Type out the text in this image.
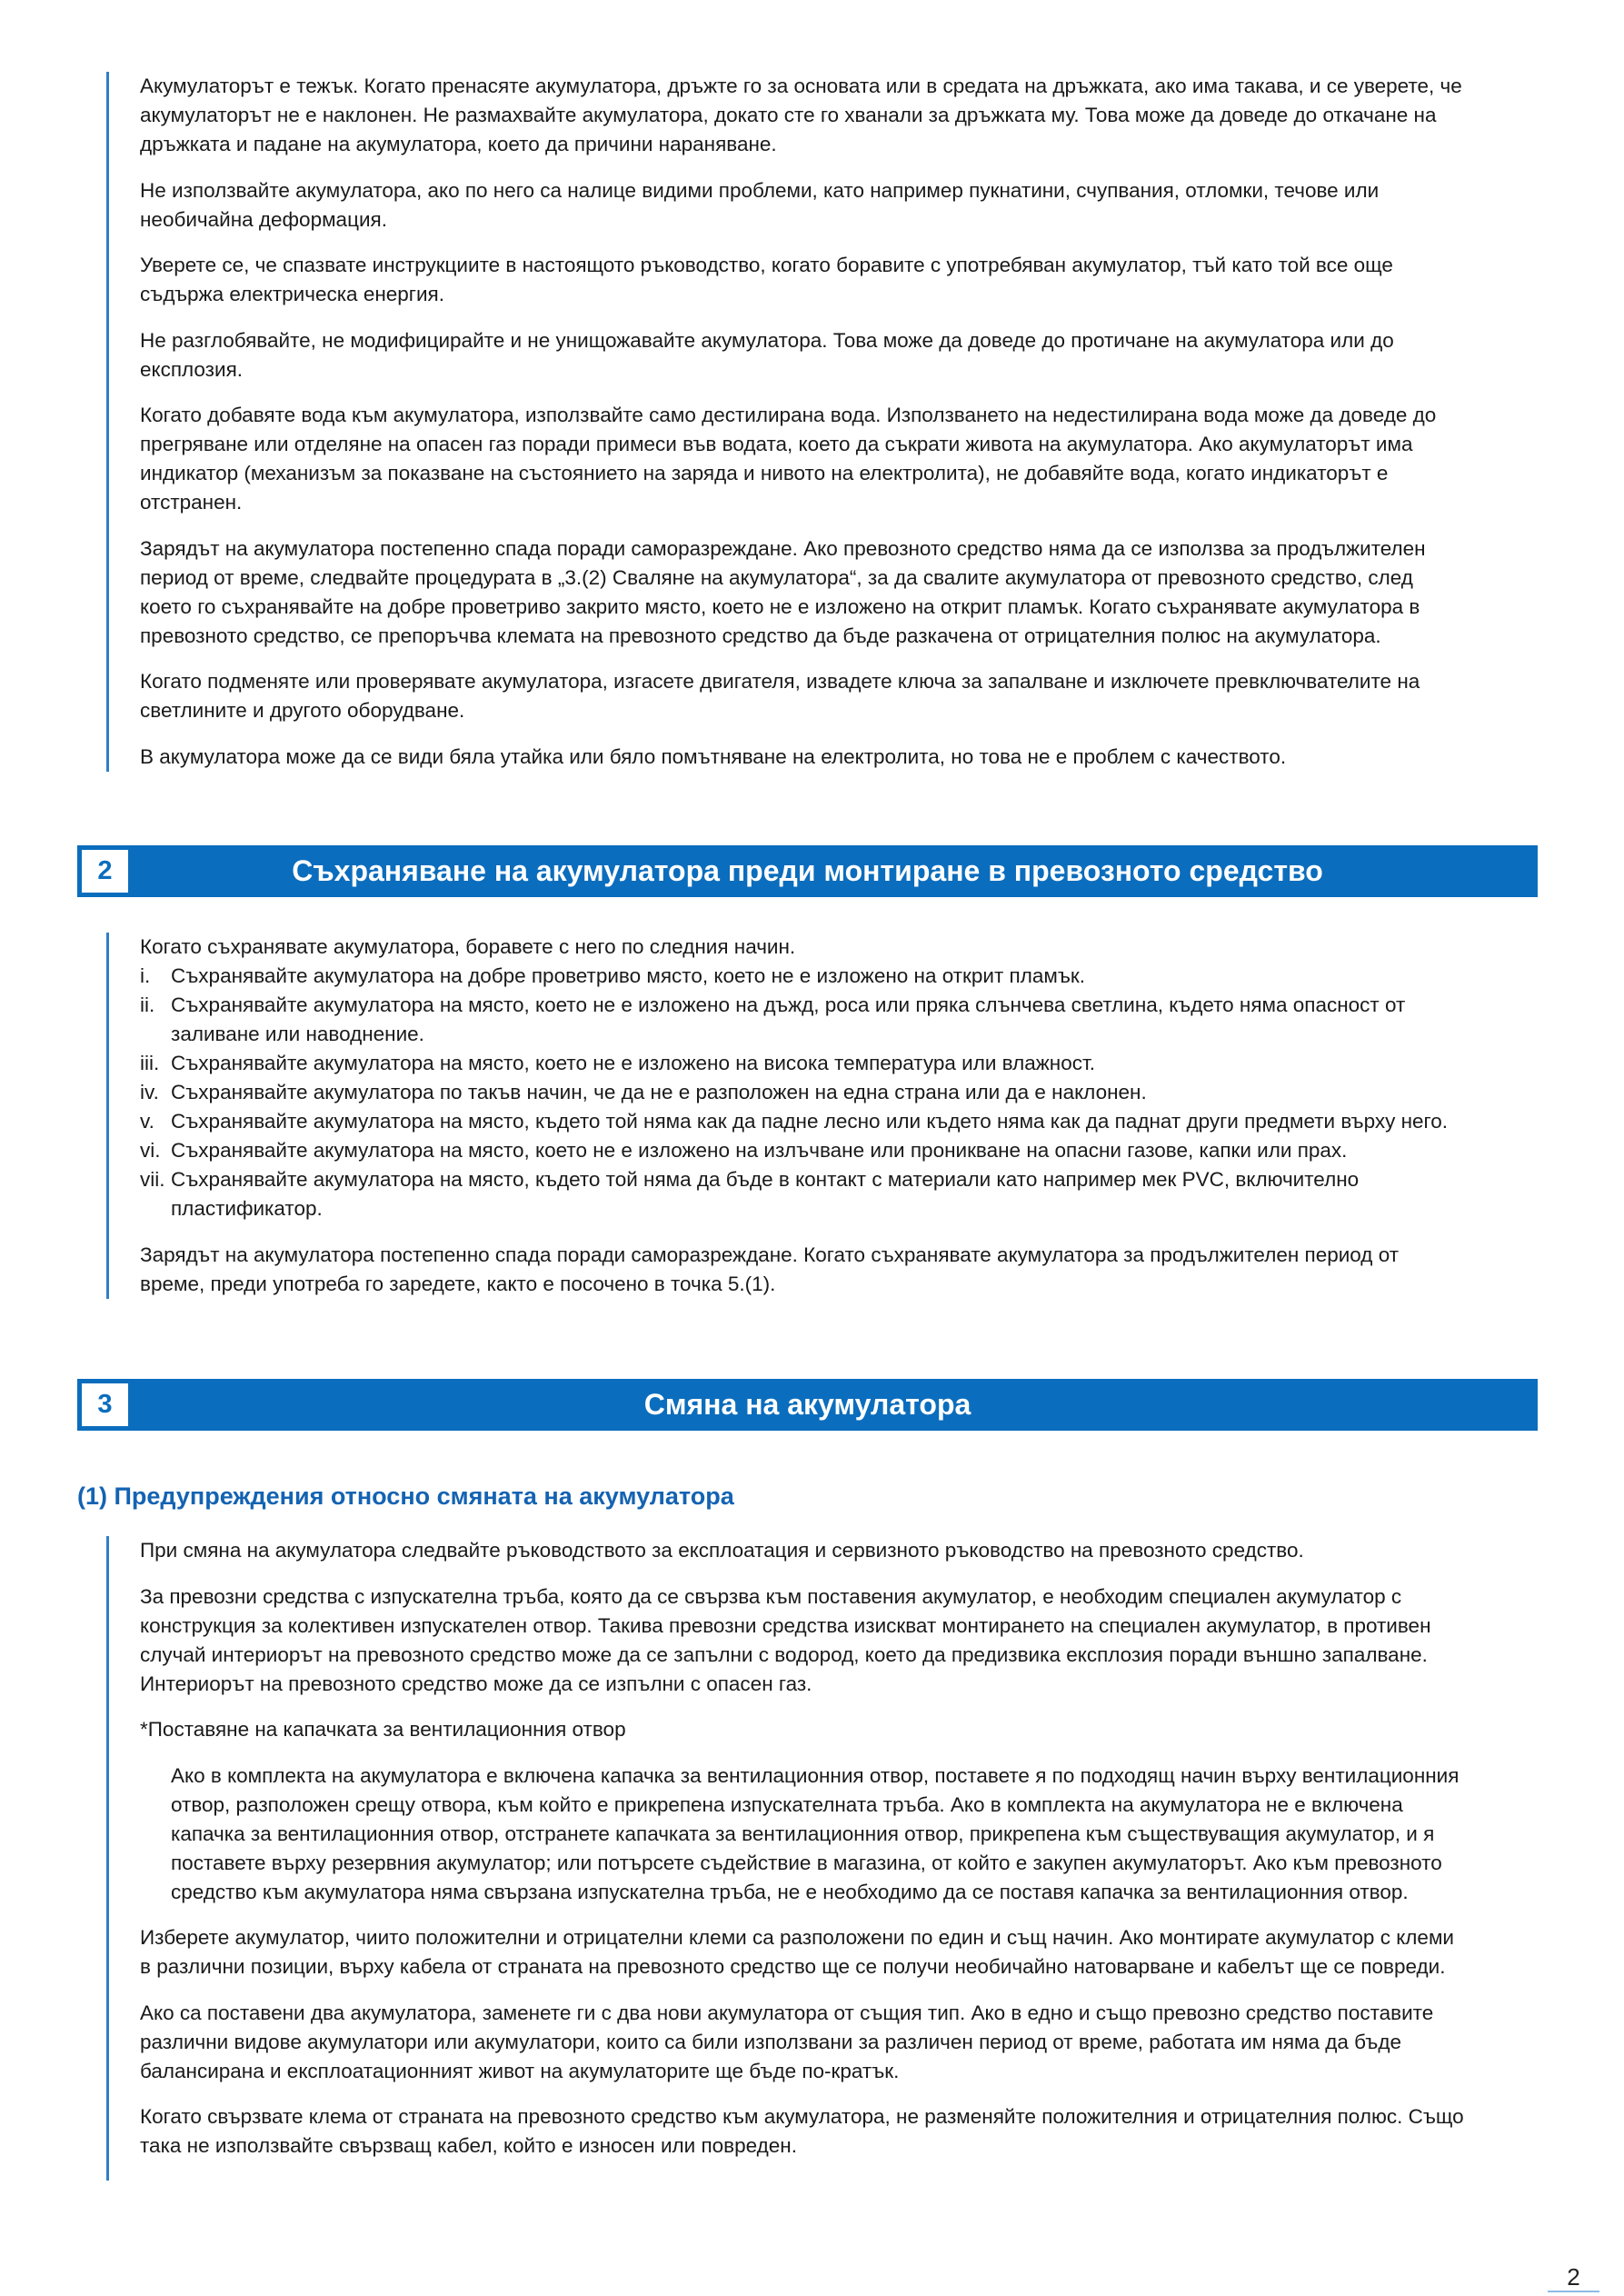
Акумулаторът е тежък. Когато пренасяте акумулатора, дръжте го за основата или в средата на дръжката, ако има такава, и се уверете, че
акумулаторът не е наклонен. Не размахвайте акумулатора, докато сте го хванали за дръжката му. Това може да доведе до откачане на
дръжката и падане на акумулатора, което да причини нараняване.

Не използвайте акумулатора, ако по него са налице видими проблеми, като например пукнатини, счупвания, отломки, течове или
необичайна деформация.

Уверете се, че спазвате инструкциите в настоящото ръководство, когато боравите с употребяван акумулатор, тъй като той все още
съдържа електрическа енергия.

Не разглобявайте, не модифицирайте и не унищожавайте акумулатора. Това може да доведе до протичане на акумулатора или до
експлозия.

Когато добавяте вода към акумулатора, използвайте само дестилирана вода. Използването на недестилирана вода може да доведе до
прегряване или отделяне на опасен газ поради примеси във водата, което да съкрати живота на акумулатора. Ако акумулаторът има
индикатор (механизъм за показване на състоянието на заряда и нивото на електролита), не добавяйте вода, когато индикаторът е
отстранен.

Зарядът на акумулатора постепенно спада поради саморазреждане. Ако превозното средство няма да се използва за продължителен
период от време, следвайте процедурата в „3.(2) Сваляне на акумулатора“, за да свалите акумулатора от превозното средство, след
което го съхранявайте на добре проветриво закрито място, което не е изложено на открит пламък. Когато съхранявате акумулатора в
превозното средство, се препоръчва клемата на превозното средство да бъде разкачена от отрицателния полюс на акумулатора.

Когато подменяте или проверявате акумулатора, изгасете двигателя, извадете ключа за запалване и изключете превключвателите на
светлините и другото оборудване.

В акумулатора може да се види бяла утайка или бяло помътняване на електролита, но това не е проблем с качеството.

2	Съхраняване на акумулатора преди монтиране в превозното средство

Когато съхранявате акумулатора, боравете с него по следния начин.

i.	Съхранявайте акумулатора на добре проветриво място, което не е изложено на открит пламък.
ii. Съхранявайте акумулатора на място, което не е изложено на дъжд, роса или пряка слънчева светлина, където няма опасност от
заливане или наводнение.
iii. Съхранявайте акумулатора на място, което не е изложено на висока температура или влажност.
iv. Съхранявайте акумулатора по такъв начин, че да не е разположен на една страна или да е наклонен.
v. Съхранявайте акумулатора на място, където той няма как да падне лесно или където няма как да паднат други предмети върху него.
vi. Съхранявайте акумулатора на място, което не е изложено на излъчване или проникване на опасни газове, капки или прах.
vii. Съхранявайте акумулатора на място, където той няма да бъде в контакт с материали като например мек PVC, включително
пластификатор.

Зарядът на акумулатора постепенно спада поради саморазреждане. Когато съхранявате акумулатора за продължителен период от
време, преди употреба го заредете, както е посочено в точка 5.(1).

3	Смяна на акумулатора
(1) Предупреждения относно смяната на акумулатора

При смяна на акумулатора следвайте ръководството за експлоатация и сервизното ръководство на превозното средство.

За превозни средства с изпускателна тръба, която да се свързва към поставения акумулатор, е необходим специален акумулатор с
конструкция за колективен изпускателен отвор. Такива превозни средства изискват монтирането на специален акумулатор, в противен
случай интериорът на превозното средство може да се запълни с водород, което да предизвика експлозия поради външно запалване.
Интериорът на превозното средство може да се изпълни с опасен газ.

*Поставяне на капачката за вентилационния отвор

Ако в комплекта на акумулатора е включена капачка за вентилационния отвор, поставете я по подходящ начин върху вентилационния
отвор, разположен срещу отвора, към който е прикрепена изпускателната тръба. Ако в комплекта на акумулатора не е включена
капачка за вентилационния отвор, отстранете капачката за вентилационния отвор, прикрепена към съществуващия акумулатор, и я
поставете върху резервния акумулатор; или потърсете съдействие в магазина, от който е закупен акумулаторът. Ако към превозното
средство към акумулатора няма свързана изпускателна тръба, не е необходимо да се поставя капачка за вентилационния отвор.

Изберете акумулатор, чиито положителни и отрицателни клеми са разположени по един и същ начин. Ако монтирате акумулатор с клеми
в различни позиции, върху кабела от страната на превозното средство ще се получи необичайно натоварване и кабелът ще се повреди.

Ако са поставени два акумулатора, заменете ги с два нови акумулатора от същия тип. Ако в едно и също превозно средство поставите
различни видове акумулатори или акумулатори, които са били използвани за различен период от време, работата им няма да бъде
балансирана и експлоатационният живот на акумулаторите ще бъде по-кратък.

Когато свързвате клема от страната на превозното средство към акумулатора, не разменяйте положителния и отрицателния полюс. Също
така не използвайте свързващ кабел, който е износен или повреден.

2
